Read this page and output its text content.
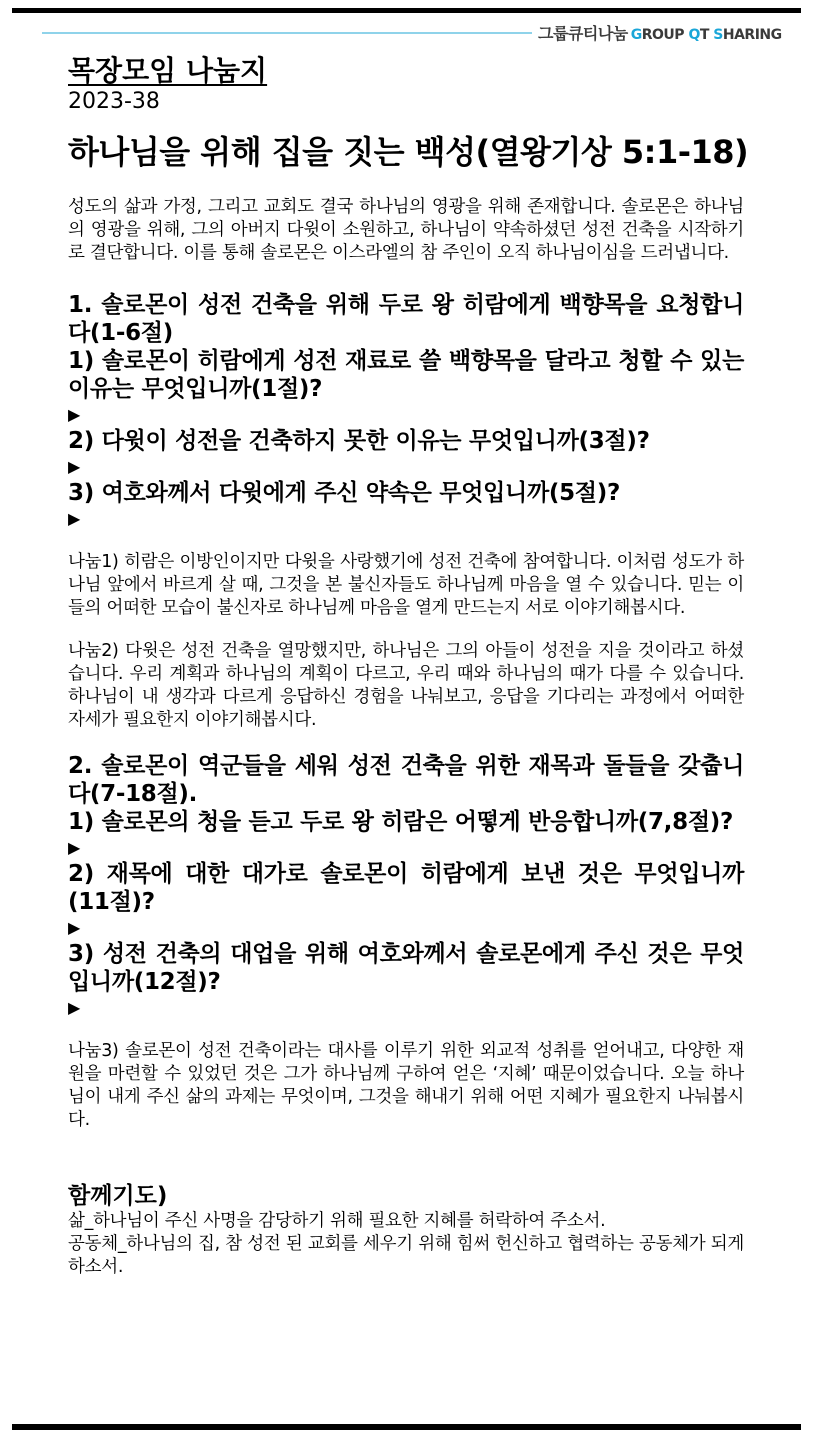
그룹큐티나눔 GROUP QT SHARING
목장모임 나눔지

2023-38

하나님을 위해 집을 짓는 백성(열왕기상 5:1-18)

성도의 삶과 가정, 그리고 교회도 결국 하나님의 영광을 위해 존재합니다. 솔로몬은 하나님의 영광을 위해, 그의 아버지 다윗이 소원하고, 하나님이 약속하셨던 성전 건축을 시작하기로 결단합니다. 이를 통해 솔로몬은 이스라엘의 참 주인이 오직 하나님이심을 드러냅니다.

1. 솔로몬이 성전 건축을 위해 두로 왕 히람에게 백향목을 요청합니다(1-6절)

1) 솔로몬이 히람에게 성전 재료로 쓸 백향목을 달라고 청할 수 있는 이유는 무엇입니까(1절)?

▶

2) 다윗이 성전을 건축하지 못한 이유는 무엇입니까(3절)?

▶

3) 여호와께서 다윗에게 주신 약속은 무엇입니까(5절)?

▶

나눔1) 히람은 이방인이지만 다윗을 사랑했기에 성전 건축에 참여합니다. 이처럼 성도가 하나님 앞에서 바르게 살 때, 그것을 본 불신자들도 하나님께 마음을 열 수 있습니다. 믿는 이들의 어떠한 모습이 불신자로 하나님께 마음을 열게 만드는지 서로 이야기해봅시다.

나눔2) 다윗은 성전 건축을 열망했지만, 하나님은 그의 아들이 성전을 지을 것이라고 하셨습니다. 우리 계획과 하나님의 계획이 다르고, 우리 때와 하나님의 때가 다를 수 있습니다. 하나님이 내 생각과 다르게 응답하신 경험을 나눠보고, 응답을 기다리는 과정에서 어떠한 자세가 필요한지 이야기해봅시다.

2. 솔로몬이 역군들을 세워 성전 건축을 위한 재목과 돌들을 갖춥니다(7-18절).

1) 솔로몬의 청을 듣고 두로 왕 히람은 어떻게 반응합니까(7,8절)?

▶

2) 재목에 대한 대가로 솔로몬이 히람에게 보낸 것은 무엇입니까(11절)?

▶

3) 성전 건축의 대업을 위해 여호와께서 솔로몬에게 주신 것은 무엇입니까(12절)?

▶

나눔3) 솔로몬이 성전 건축이라는 대사를 이루기 위한 외교적 성취를 얻어내고, 다양한 재원을 마련할 수 있었던 것은 그가 하나님께 구하여 얻은 ‘지혜’ 때문이었습니다. 오늘 하나님이 내게 주신 삶의 과제는 무엇이며, 그것을 해내기 위해 어떤 지혜가 필요한지 나눠봅시다.

함께기도)

삶_하나님이 주신 사명을 감당하기 위해 필요한 지혜를 허락하여 주소서.

공동체_하나님의 집, 참 성전 된 교회를 세우기 위해 힘써 헌신하고 협력하는 공동체가 되게 하소서.
